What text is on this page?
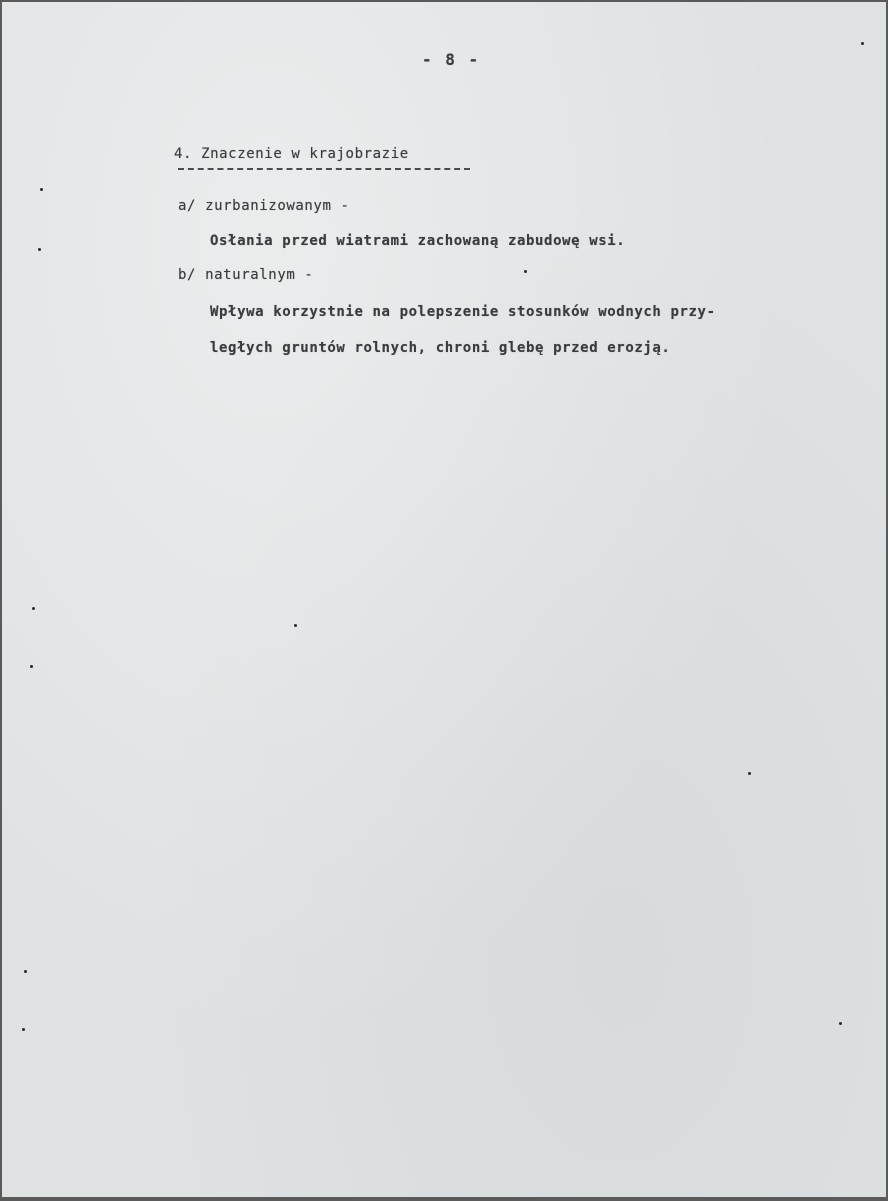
- 8 -
4. Znaczenie w krajobrazie
a/ zurbanizowanym -
Osłania przed wiatrami zachowaną zabudowę wsi.
b/ naturalnym -
Wpływa korzystnie na polepszenie stosunków wodnych przy-
ległych gruntów rolnych, chroni glebę przed erozją.
